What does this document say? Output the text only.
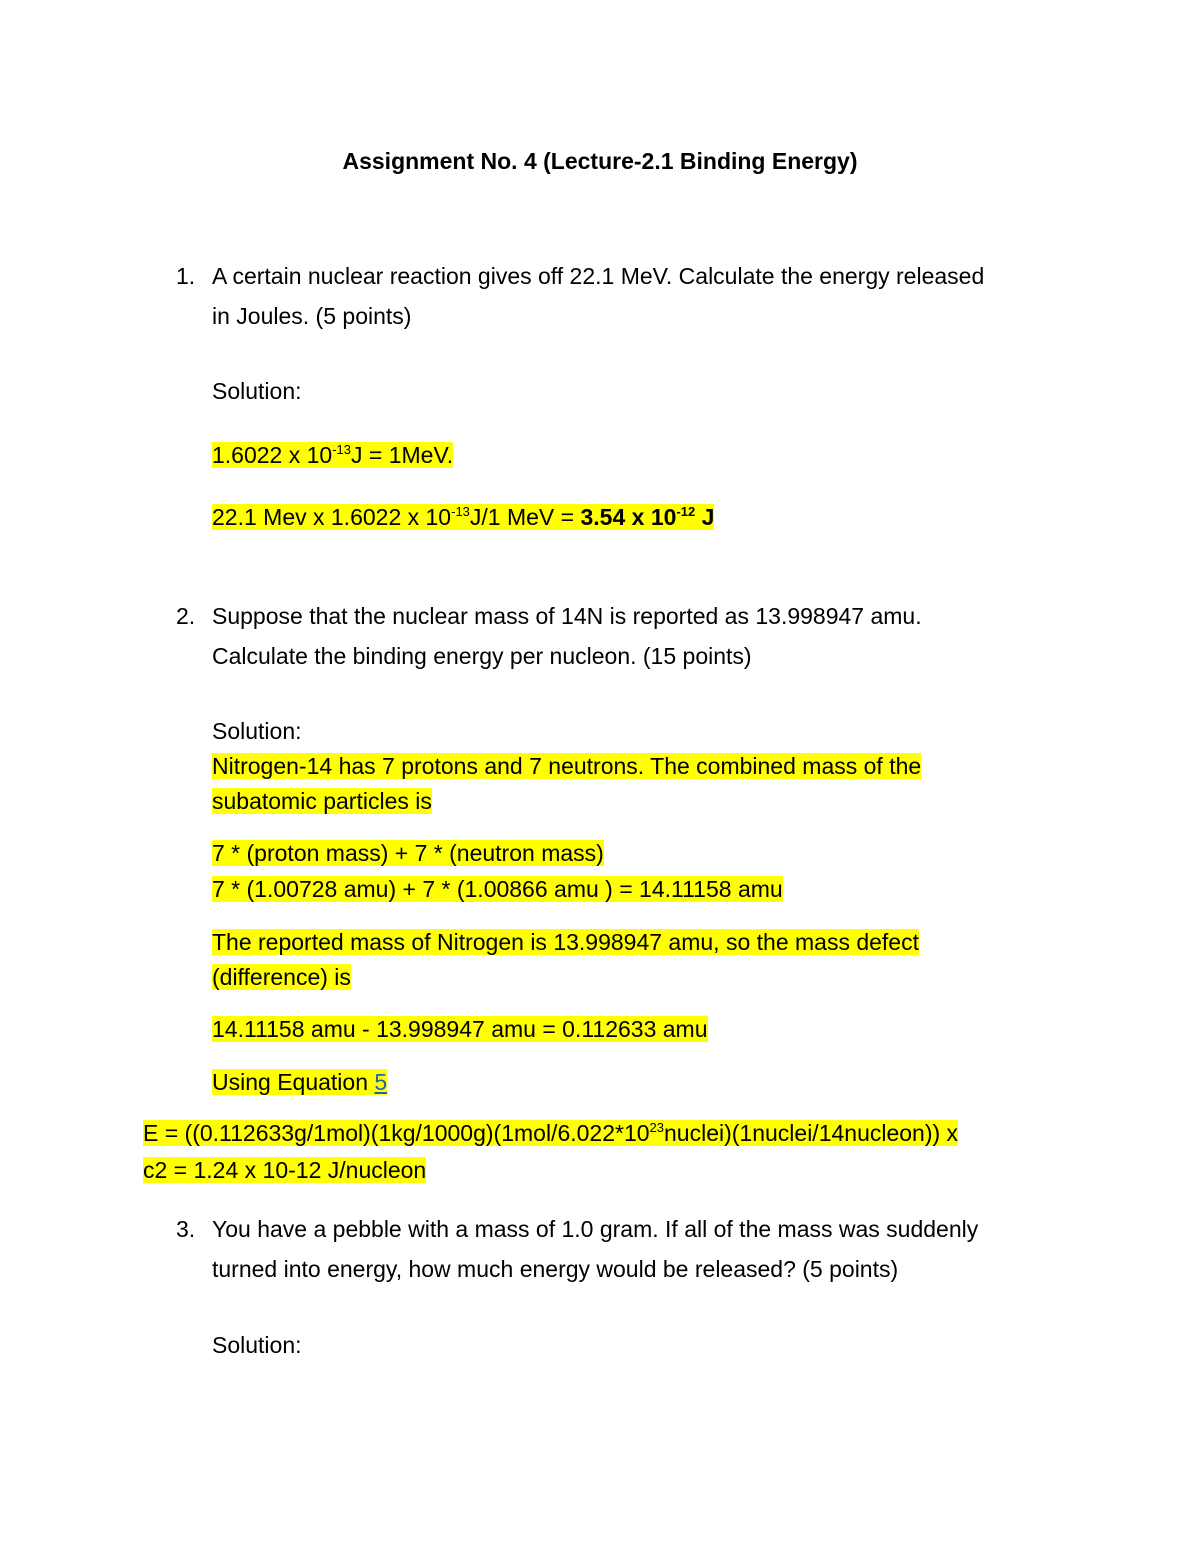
Assignment No. 4 (Lecture-2.1 Binding Energy)
1. A certain nuclear reaction gives off 22.1 MeV. Calculate the energy released
in Joules. (5 points)
Solution:
1.6022 x $10^{-13}J = 1MeV$.
22.1 Mev x 1.6022 x $10^{-13}J/1$ MeV = 3.54 x $10^{-12}$ J
2. Suppose that the nuclear mass of 14N is reported as 13.998947 amu.
Calculate the binding energy per nucleon. (15 points)
Solution:
Nitrogen-14 has 7 protons and 7 neutrons. The combined mass of the
subatomic particles is
7 * (proton mass) + 7 * (neutron mass)
7 * (1.00728 amu) + 7 * (1.00866 amu ) = 14.11158 amu
The reported mass of Nitrogen is 13.998947 amu, so the mass defect
(difference) is
14.11158 amu - 13.998947 amu = 0.112633 amu
Using Equation 5
$E = ((0.112633g/1mol)(1kg/1000g)(1mol/6.022*10^{23}nuclei)(1nuclei/14nucleon))$ x
c2 = 1.24 x 10-12 J/nucleon
3. You have a pebble with a mass of 1.0 gram. If all of the mass was suddenly
turned into energy, how much energy would be released? (5 points)
Solution:
